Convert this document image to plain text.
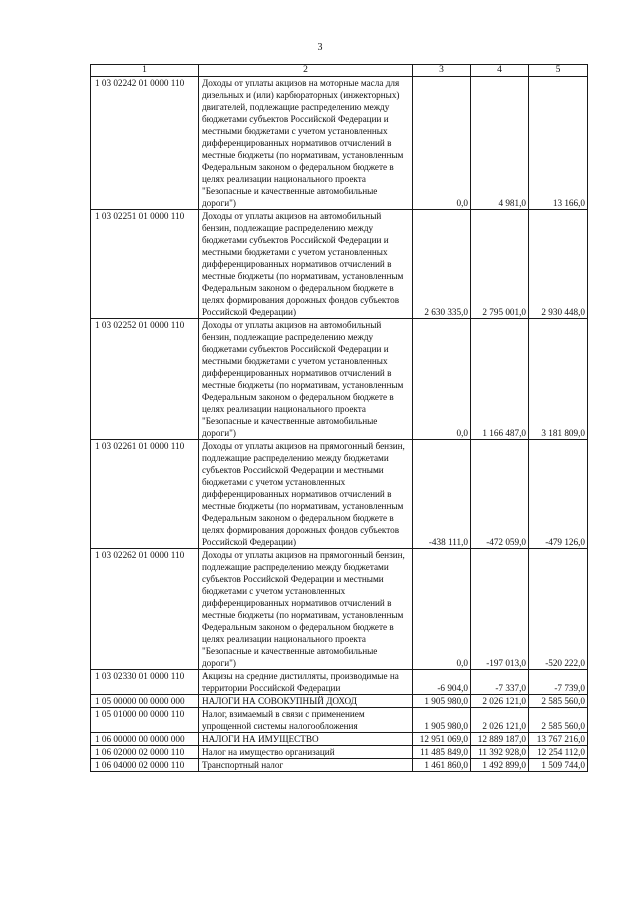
3
1	2	3	4	5
1 03 02242 01 0000 110	Доходы от уплаты акцизов на моторные масла для дизельных и (или) карбюраторных (инжекторных) двигателей, подлежащие распределению между бюджетами субъектов Российской Федерации и местными бюджетами с учетом установленных дифференцированных нормативов отчислений в местные бюджеты (по нормативам, установленным Федеральным законом о федеральном бюджете в целях реализации национального проекта "Безопасные и качественные автомобильные дороги")	0,0	4 981,0	13 166,0
1 03 02251 01 0000 110	Доходы от уплаты акцизов на автомобильный бензин, подлежащие распределению между бюджетами субъектов Российской Федерации и местными бюджетами с учетом установленных дифференцированных нормативов отчислений в местные бюджеты (по нормативам, установленным Федеральным законом о федеральном бюджете в целях формирования дорожных фондов субъектов Российской Федерации)	2 630 335,0	2 795 001,0	2 930 448,0
1 03 02252 01 0000 110	Доходы от уплаты акцизов на автомобильный бензин, подлежащие распределению между бюджетами субъектов Российской Федерации и местными бюджетами с учетом установленных дифференцированных нормативов отчислений в местные бюджеты (по нормативам, установленным Федеральным законом о федеральном бюджете в целях реализации национального проекта "Безопасные и качественные автомобильные дороги")	0,0	1 166 487,0	3 181 809,0
1 03 02261 01 0000 110	Доходы от уплаты акцизов на прямогонный бензин, подлежащие распределению между бюджетами субъектов Российской Федерации и местными бюджетами с учетом установленных дифференцированных нормативов отчислений в местные бюджеты (по нормативам, установленным Федеральным законом о федеральном бюджете в целях формирования дорожных фондов субъектов Российской Федерации)	-438 111,0	-472 059,0	-479 126,0
1 03 02262 01 0000 110	Доходы от уплаты акцизов на прямогонный бензин, подлежащие распределению между бюджетами субъектов Российской Федерации и местными бюджетами с учетом установленных дифференцированных нормативов отчислений в местные бюджеты (по нормативам, установленным Федеральным законом о федеральном бюджете в целях реализации национального проекта "Безопасные и качественные автомобильные дороги")	0,0	-197 013,0	-520 222,0
1 03 02330 01 0000 110	Акцизы на средние дистилляты, производимые на территории Российской Федерации	-6 904,0	-7 337,0	-7 739,0
1 05 00000 00 0000 000	НАЛОГИ НА СОВОКУПНЫЙ ДОХОД	1 905 980,0	2 026 121,0	2 585 560,0
1 05 01000 00 0000 110	Налог, взимаемый в связи с применением упрощенной системы налогообложения	1 905 980,0	2 026 121,0	2 585 560,0
1 06 00000 00 0000 000	НАЛОГИ НА ИМУЩЕСТВО	12 951 069,0	12 889 187,0	13 767 216,0
1 06 02000 02 0000 110	Налог на имущество организаций	11 485 849,0	11 392 928,0	12 254 112,0
1 06 04000 02 0000 110	Транспортный налог	1 461 860,0	1 492 899,0	1 509 744,0
